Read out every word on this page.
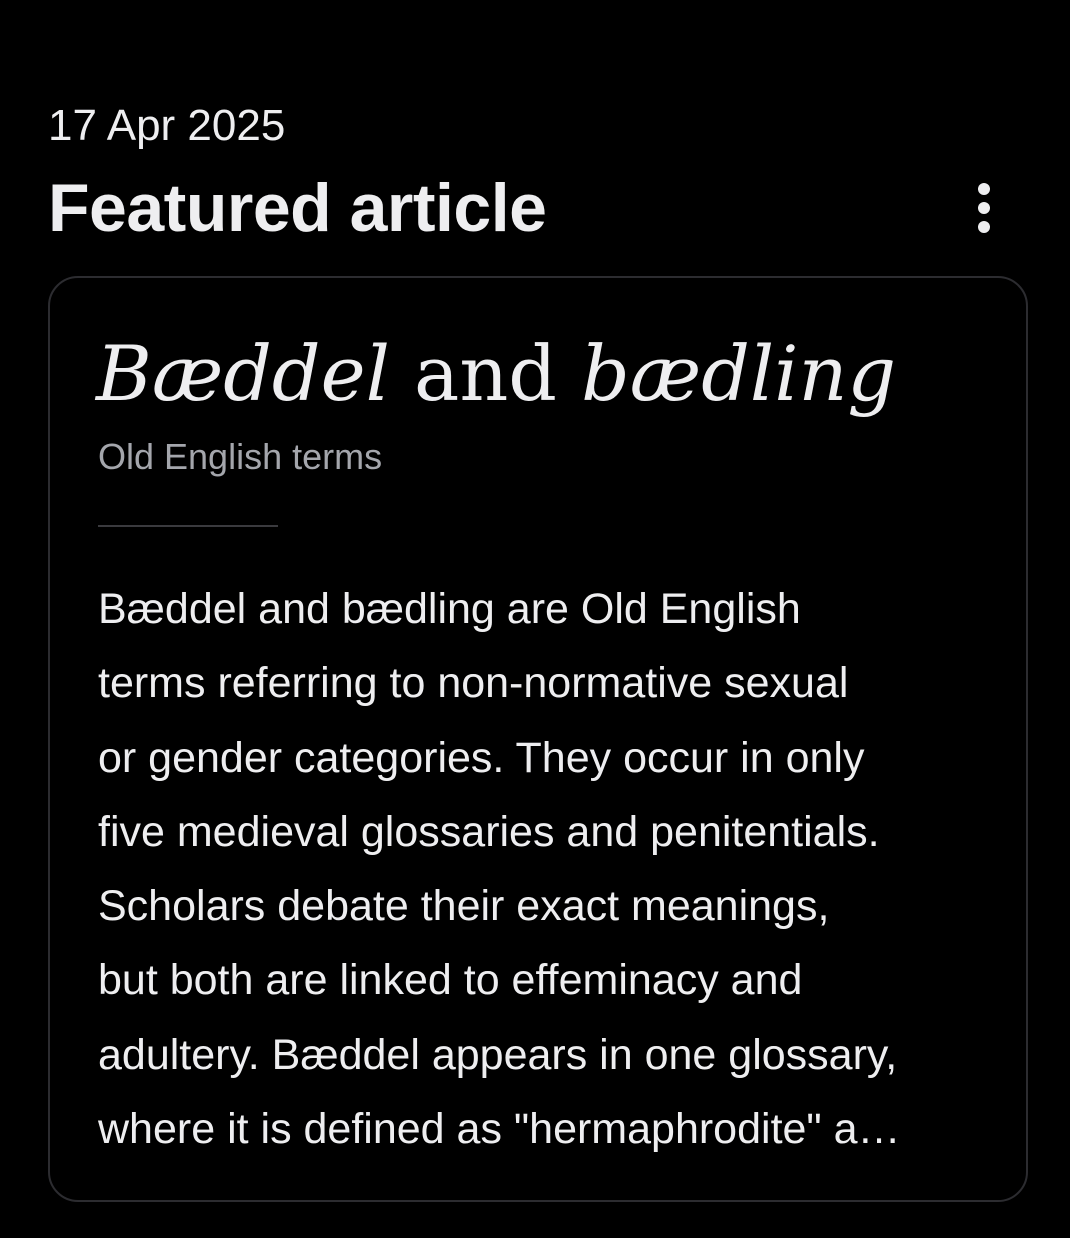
17 Apr 2025
Featured article
Bæddel and bædling
Old English terms

Bæddel and bædling are Old English
terms referring to non-normative sexual
or gender categories. They occur in only
five medieval glossaries and penitentials.
Scholars debate their exact meanings,
but both are linked to effeminacy and
adultery. Bæddel appears in one glossary,
where it is defined as "hermaphrodite" a…
